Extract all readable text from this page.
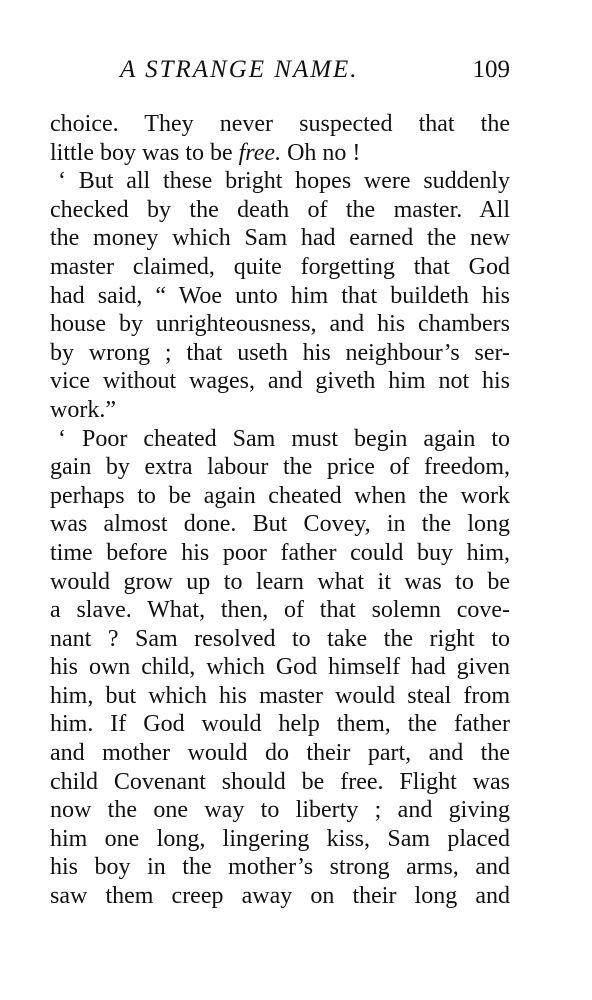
A STRANGE NAME.	109
choice. They never suspected that the
little boy was to be free. Oh no !
‘ But all these bright hopes were suddenly
checked by the death of the master. All
the money which Sam had earned the new
master claimed, quite forgetting that God
had said, “ Woe unto him that buildeth his
house by unrighteousness, and his chambers
by wrong ; that useth his neighbour’s ser-
vice without wages, and giveth him not his
work.”
‘ Poor cheated Sam must begin again to
gain by extra labour the price of freedom,
perhaps to be again cheated when the work
was almost done. But Covey, in the long
time before his poor father could buy him,
would grow up to learn what it was to be
a slave. What, then, of that solemn cove-
nant ? Sam resolved to take the right to
his own child, which God himself had given
him, but which his master would steal from
him. If God would help them, the father
and mother would do their part, and the
child Covenant should be free. Flight was
now the one way to liberty ; and giving
him one long, lingering kiss, Sam placed
his boy in the mother’s strong arms, and
saw them creep away on their long and
